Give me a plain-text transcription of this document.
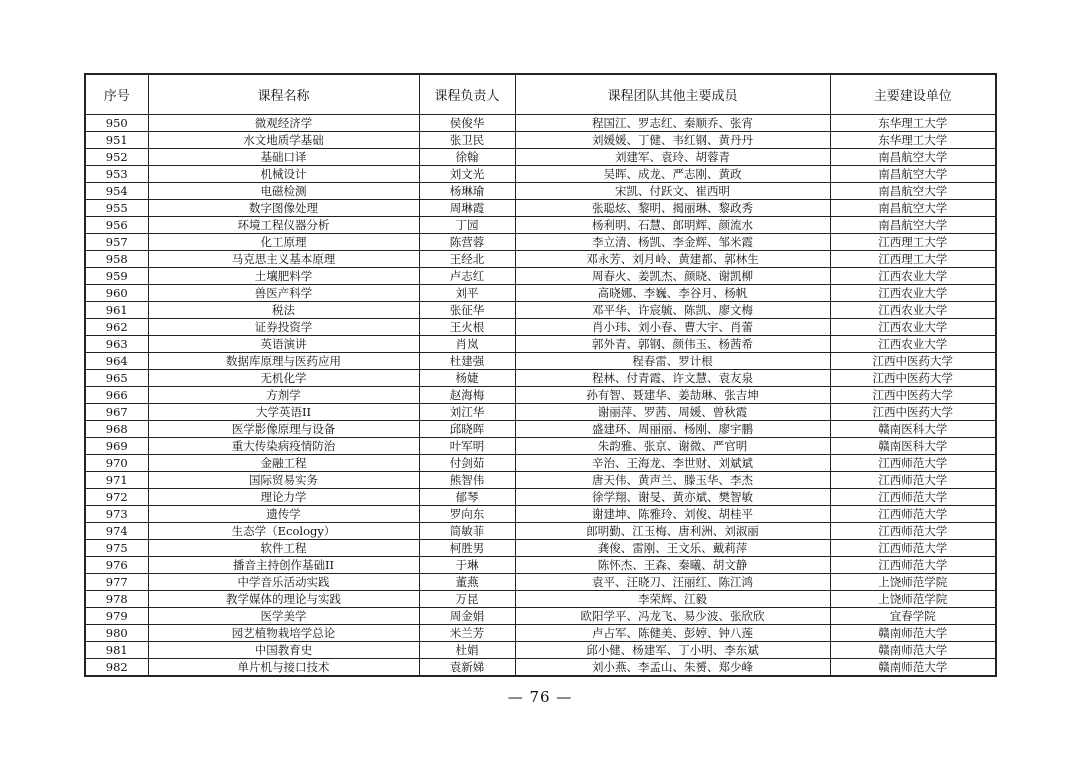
序号	课程名称	课程负责人	课程团队其他主要成员	主要建设单位
950	微观经济学	侯俊华	程国江、罗志红、秦顺乔、张宵	东华理工大学
951	水文地质学基础	张卫民	刘媛媛、丁健、韦红钢、黄丹丹	东华理工大学
952	基础口译	徐翰	刘建军、袁玲、胡蓉青	南昌航空大学
953	机械设计	刘文光	吴晖、成龙、严志刚、黄政	南昌航空大学
954	电磁检测	杨琳瑜	宋凯、付跃文、崔西明	南昌航空大学
955	数字图像处理	周琳霞	张聪炫、黎明、揭丽琳、黎政秀	南昌航空大学
956	环境工程仪器分析	丁园	杨利明、石慧、郎明辉、颜流水	南昌航空大学
957	化工原理	陈营蓉	李立清、杨凯、李金辉、邹米霞	江西理工大学
958	马克思主义基本原理	王经北	邓永芳、刘月岭、黄建都、郭林生	江西理工大学
959	土壤肥料学	卢志红	周春火、姜凯杰、颜晓、谢凯柳	江西农业大学
960	兽医产科学	刘平	高晓娜、李巍、李谷月、杨帆	江西农业大学
961	税法	张征华	邓平华、许宸毓、陈凯、廖文梅	江西农业大学
962	证券投资学	王火根	肖小玮、刘小春、曹大宇、肖蕾	江西农业大学
963	英语演讲	肖岚	郭外青、郭钢、颜伟玉、杨茜希	江西农业大学
964	数据库原理与医药应用	杜建强	程春雷、罗计根	江西中医药大学
965	无机化学	杨婕	程林、付青霞、许文慧、袁友泉	江西中医药大学
966	方剂学	赵海梅	孙有智、聂建华、姜劼琳、张吉坤	江西中医药大学
967	大学英语II	刘江华	谢丽萍、罗茜、周媛、曾秋霞	江西中医药大学
968	医学影像原理与设备	邱晓晖	盛建环、周丽丽、杨刚、廖宇鹏	赣南医科大学
969	重大传染病疫情防治	叶军明	朱韵雅、张京、谢微、严官明	赣南医科大学
970	金融工程	付剑茹	辛治、王海龙、李世财、刘斌斌	江西师范大学
971	国际贸易实务	熊智伟	唐天伟、黄声兰、滕玉华、李杰	江西师范大学
972	理论力学	郁琴	徐学翔、谢旻、黄亦斌、樊智敏	江西师范大学
973	遗传学	罗向东	谢建坤、陈雅玲、刘俊、胡桂平	江西师范大学
974	生态学（Ecology）	简敏菲	郎明勤、江玉梅、唐利洲、刘淑丽	江西师范大学
975	软件工程	柯胜男	龚俊、雷刚、王文乐、戴莉萍	江西师范大学
976	播音主持创作基础II	于琳	陈怀杰、王森、秦曦、胡文静	江西师范大学
977	中学音乐活动实践	董燕	袁平、汪晓刀、汪丽红、陈江鸿	上饶师范学院
978	教学媒体的理论与实践	万昆	李荣辉、江毅	上饶师范学院
979	医学美学	周金娟	欧阳学平、冯龙飞、易少波、张欣欣	宜春学院
980	园艺植物栽培学总论	米兰芳	卢占军、陈健美、彭婷、钟八莲	赣南师范大学
981	中国教育史	杜娟	邱小健、杨建军、丁小明、李东斌	赣南师范大学
982	单片机与接口技术	袁新娣	刘小燕、李孟山、朱赟、郑少峰	赣南师范大学
— 76 —
